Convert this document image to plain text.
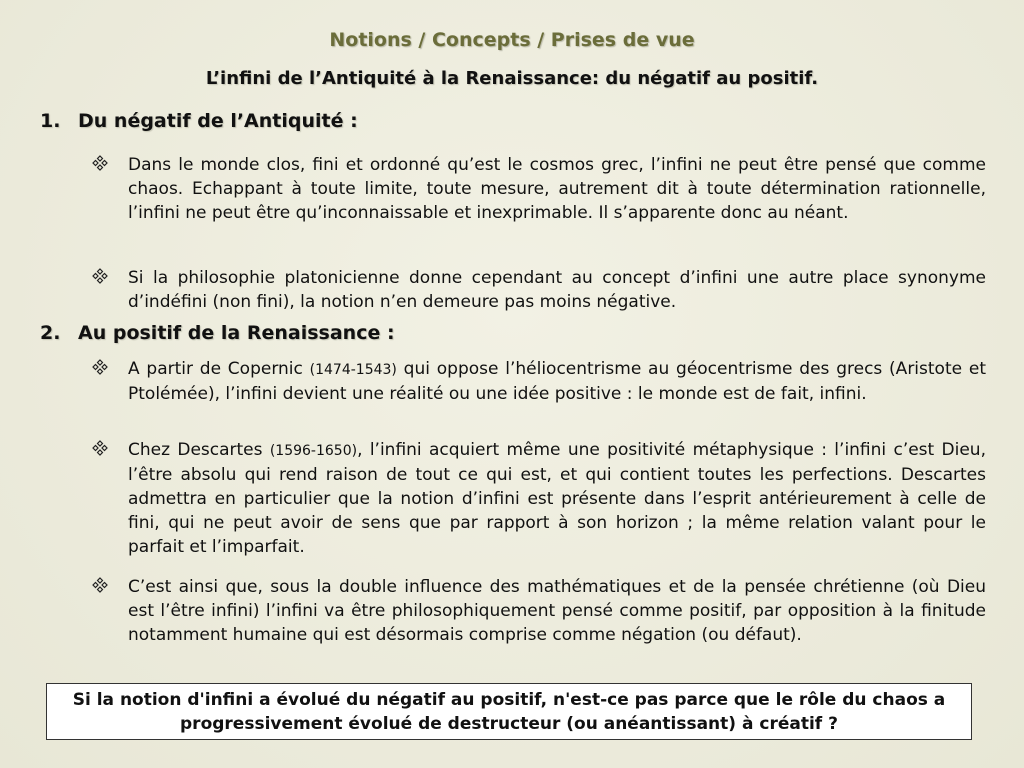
Notions / Concepts / Prises de vue
L’infini de l’Antiquité à la Renaissance: du négatif au positif.
1. Du négatif de l’Antiquité :
Dans le monde clos, fini et ordonné qu’est le cosmos grec, l’infini ne peut être pensé que comme chaos. Echappant à toute limite, toute mesure, autrement dit à toute détermination rationnelle, l’infini ne peut être qu’inconnaissable et inexprimable. Il s’apparente donc au néant.
Si la philosophie platonicienne donne cependant au concept d’infini une autre place synonyme d’indéfini (non fini), la notion n’en demeure pas moins négative.
2. Au positif de la Renaissance :
A partir de Copernic (1474-1543) qui oppose l’héliocentrisme au géocentrisme des grecs (Aristote et Ptolémée), l’infini devient une réalité ou une idée positive : le monde est de fait, infini.
Chez Descartes (1596-1650), l’infini acquiert même une positivité métaphysique : l’infini c’est Dieu, l’être absolu qui rend raison de tout ce qui est, et qui contient toutes les perfections. Descartes admettra en particulier que la notion d’infini est présente dans l’esprit antérieurement à celle de fini, qui ne peut avoir de sens que par rapport à son horizon ; la même relation valant pour le parfait et l’imparfait.
C’est ainsi que, sous la double influence des mathématiques et de la pensée chrétienne (où Dieu est l’être infini) l’infini va être philosophiquement pensé comme positif, par opposition à la finitude notamment humaine qui est désormais comprise comme négation (ou défaut).
Si la notion d'infini a évolué du négatif au positif, n'est-ce pas parce que le rôle du chaos a progressivement évolué de destructeur (ou anéantissant) à créatif ?
